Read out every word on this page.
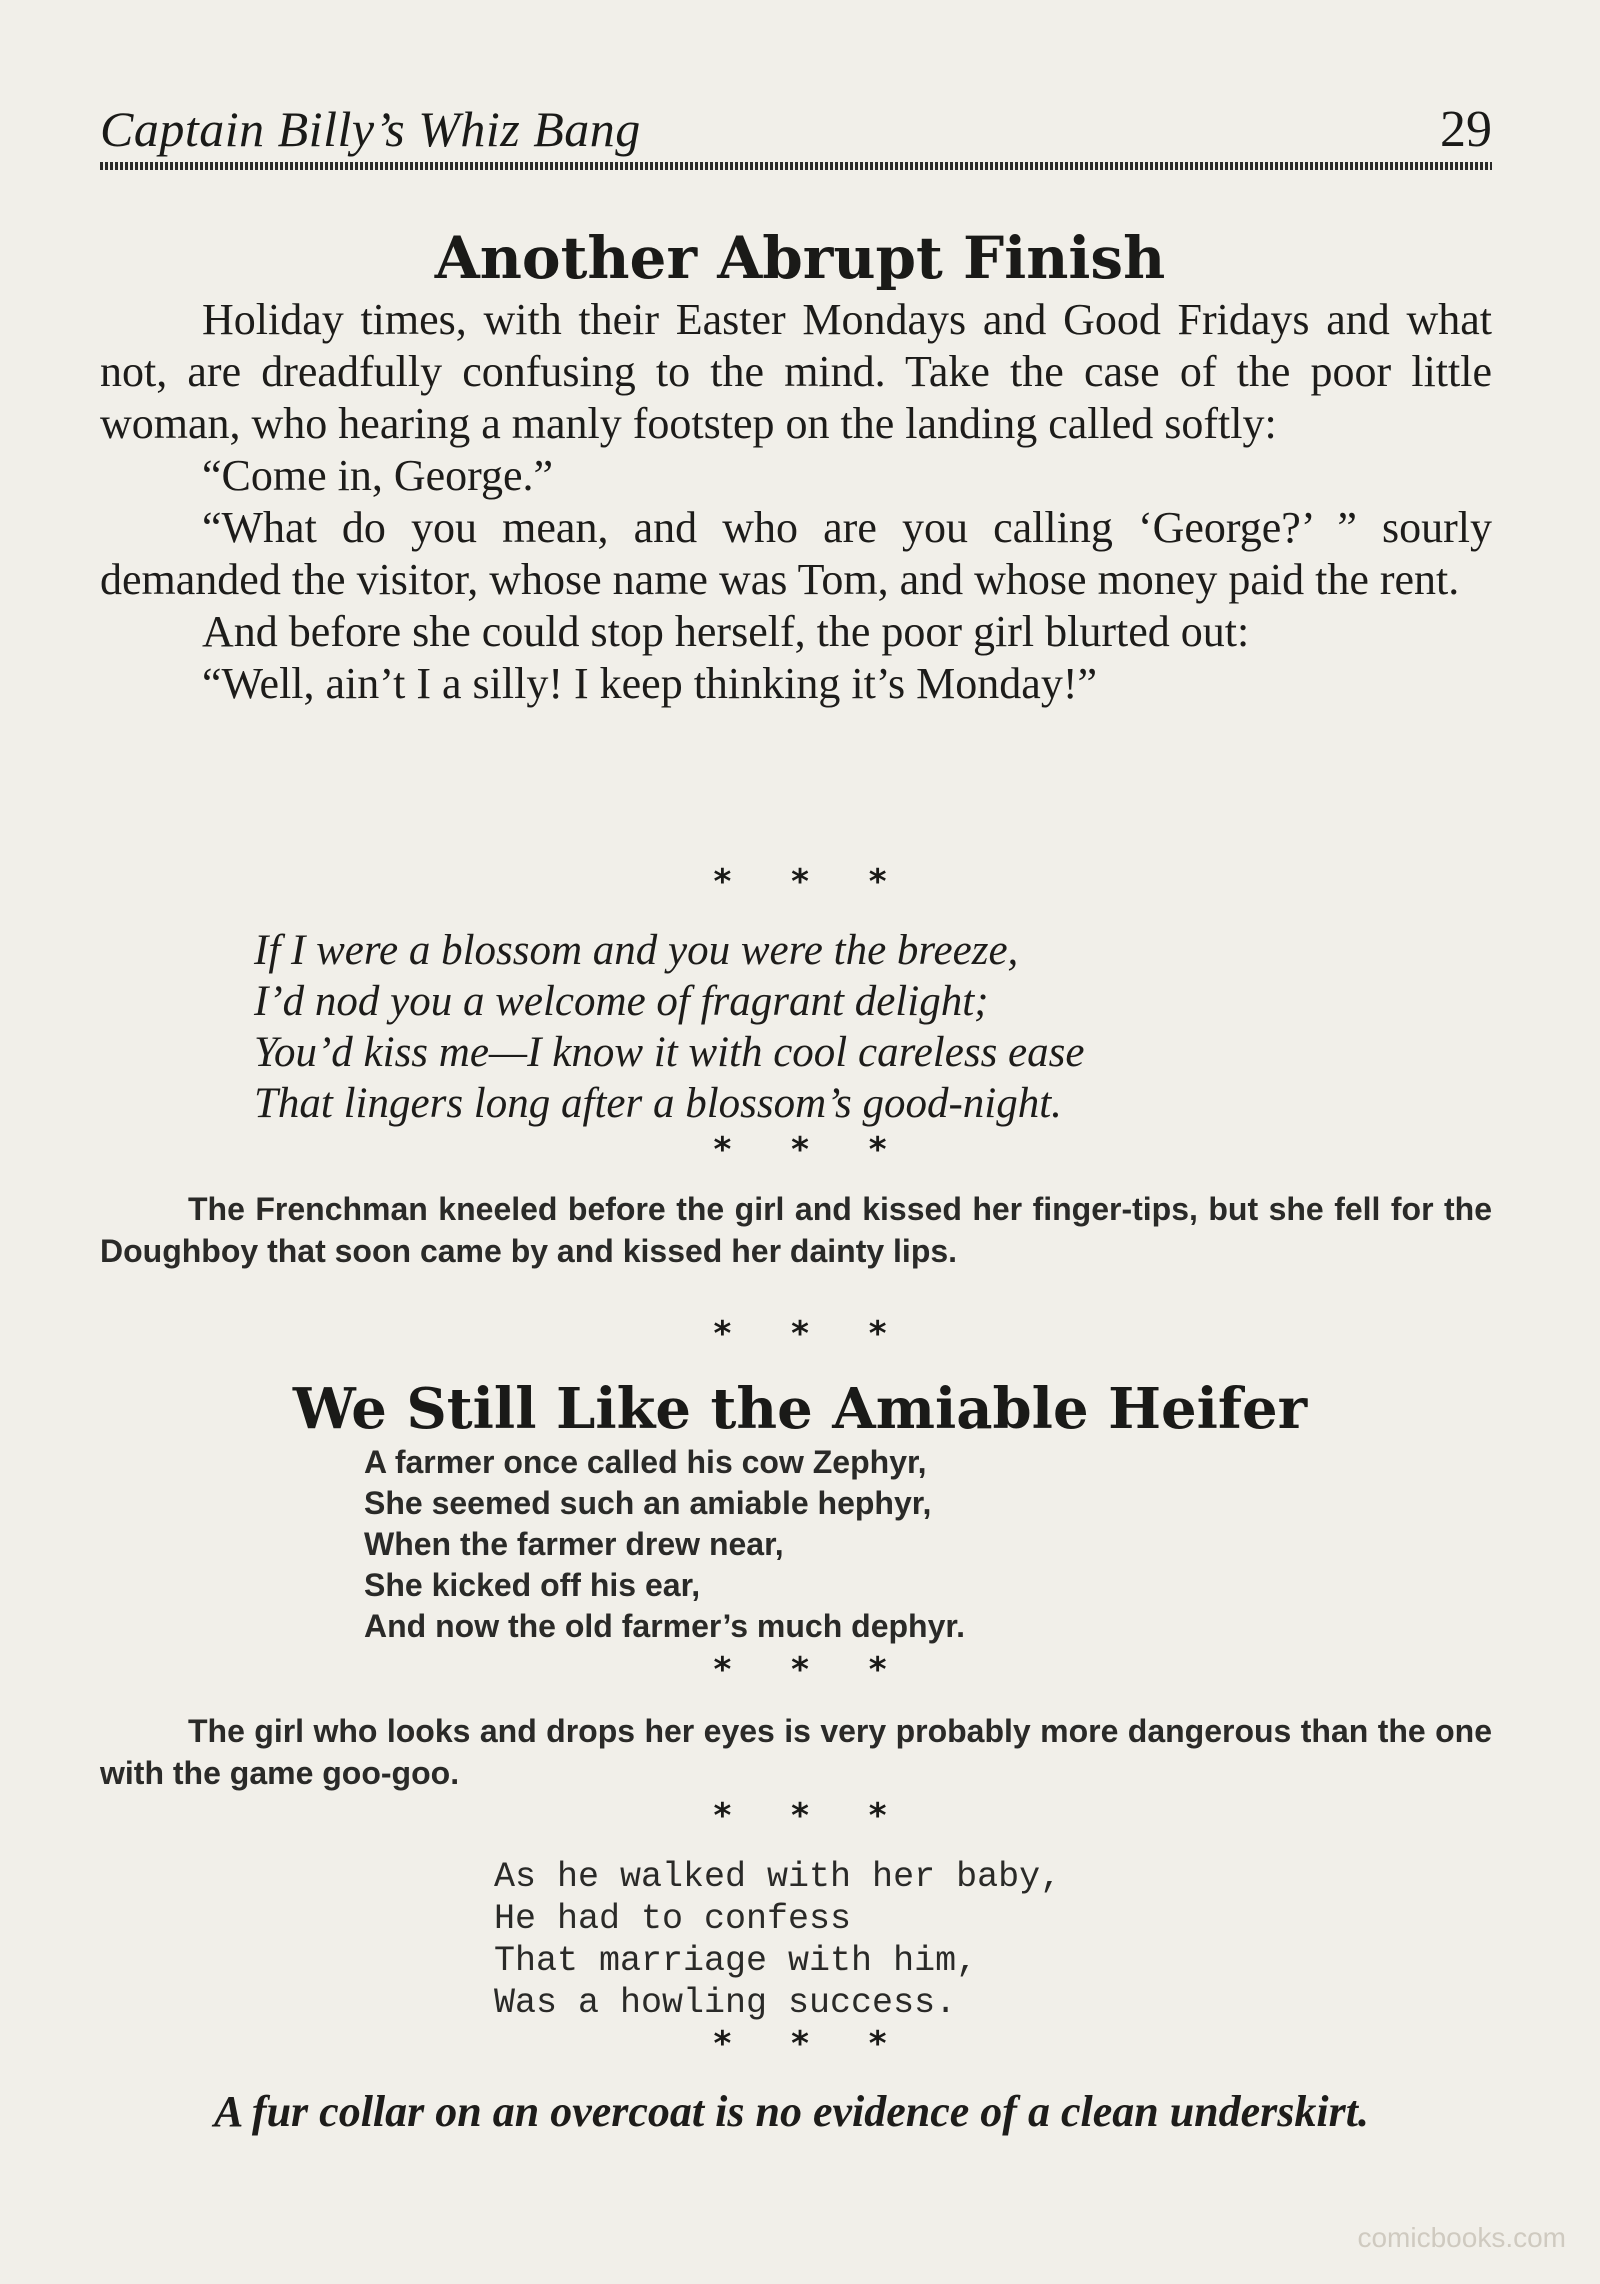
Captain Billy’s Whiz Bang	29
Another Abrupt Finish

Holiday times, with their Easter Mondays and Good Fridays and what not, are dreadfully confusing to the mind. Take the case of the poor little woman, who hearing a manly footstep on the landing called softly:

“Come in, George.”

“What do you mean, and who are you calling ‘George?’ ” sourly demanded the visitor, whose name was Tom, and whose money paid the rent.

And before she could stop herself, the poor girl blurted out:

“Well, ain’t I a silly! I keep thinking it’s Monday!”

* * *
If I were a blossom and you were the breeze,
I’d nod you a welcome of fragrant delight;
You’d kiss me—I know it with cool careless ease
That lingers long after a blossom’s good-night.
* * *

The Frenchman kneeled before the girl and kissed her finger-tips, but she fell for the Doughboy that soon came by and kissed her dainty lips.

* * *
We Still Like the Amiable Heifer
A farmer once called his cow Zephyr,
She seemed such an amiable hephyr,
When the farmer drew near,
She kicked off his ear,
And now the old farmer’s much dephyr.
* * *

The girl who looks and drops her eyes is very probably more dangerous than the one with the game goo-goo.

* * *
As he walked with her baby,
He had to confess
That marriage with him,
Was a howling success.
* * *

A fur collar on an overcoat is no evidence of a clean underskirt.

comicbooks.com
